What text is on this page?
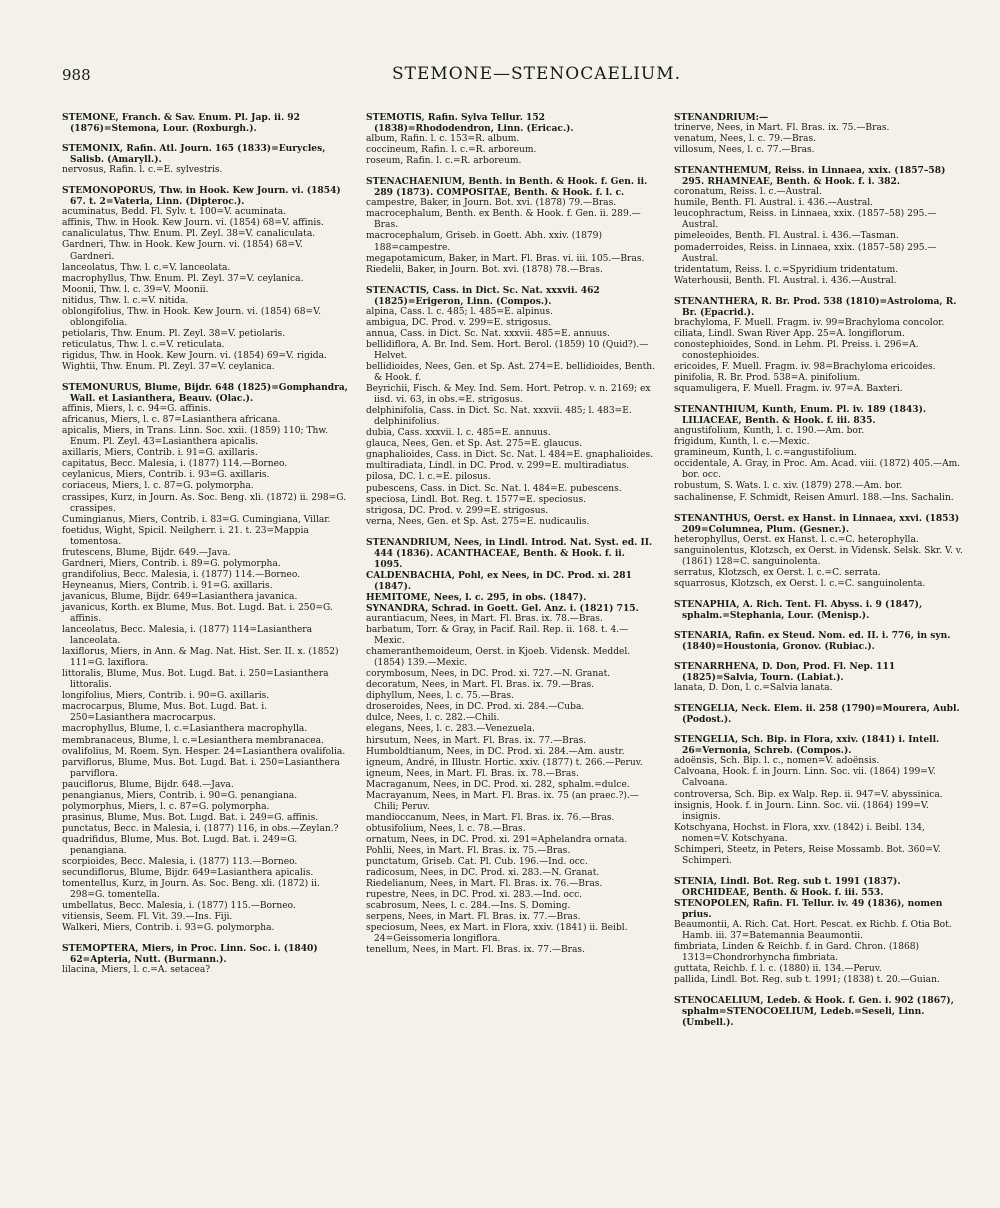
988	STEMONE—STENOCAELIUM.
STEMONE, Franch. & Sav. Enum. Pl. Jap. ii. 92 (1876)=Stemona, Lour. (Roxburgh.).
STEMONIX, Rafin. Atl. Journ. 165 (1833)=Eurycles, Salisb. (Amaryll.).
nervosus, Rafin. l. c.=E. sylvestris.
STEMONOPORUS, Thw. in Hook. Kew Journ. vi. (1854) 67. t. 2=Vateria, Linn. (Dipteroc.).
acuminatus, Bedd. Fl. Sylv. t. 100=V. acuminata.
affinis, Thw. in Hook. Kew Journ. vi. (1854) 68=V. affinis.
canaliculatus, Thw. Enum. Pl. Zeyl. 38=V. canaliculata.
Gardneri, Thw. in Hook. Kew Journ. vi. (1854) 68=V. Gardneri.
lanceolatus, Thw. l. c.=V. lanceolata.
macrophyllus, Thw. Enum. Pl. Zeyl. 37=V. ceylanica.
Moonii, Thw. l. c. 39=V. Moonii.
nitidus, Thw. l. c.=V. nitida.
oblongifolius, Thw. in Hook. Kew Journ. vi. (1854) 68=V. oblongifolia.
petiolaris, Thw. Enum. Pl. Zeyl. 38=V. petiolaris.
reticulatus, Thw. l. c.=V. reticulata.
rigidus, Thw. in Hook. Kew Journ. vi. (1854) 69=V. rigida.
Wightii, Thw. Enum. Pl. Zeyl. 37=V. ceylanica.
STEMONURUS, Blume, Bijdr. 648 (1825)=Gomphandra, Wall. et Lasianthera, Beauv. (Olac.).
affinis, Miers, l. c. 94=G. affinis.
africanus, Miers, l. c. 87=Lasianthera africana.
apicalis, Miers, in Trans. Linn. Soc. xxii. (1859) 110; Thw. Enum. Pl. Zeyl. 43=Lasianthera apicalis.
axillaris, Miers, Contrib. i. 91=G. axillaris.
capitatus, Becc. Malesia, i. (1877) 114.—Borneo.
ceylanicus, Miers, Contrib. i. 93=G. axillaris.
coriaceus, Miers, l. c. 87=G. polymorpha.
crassipes, Kurz, in Journ. As. Soc. Beng. xli. (1872) ii. 298=G. crassipes.
Cumingianus, Miers, Contrib. i. 83=G. Cumingiana, Villar.
foetidus, Wight, Spicil. Neilgherr. i. 21. t. 23=Mappia tomentosa.
frutescens, Blume, Bijdr. 649.—Java.
Gardneri, Miers, Contrib. i. 89=G. polymorpha.
grandifolius, Becc. Malesia, i. (1877) 114.—Borneo.
Heyneanus, Miers, Contrib. i. 91=G. axillaris.
javanicus, Blume, Bijdr. 649=Lasianthera javanica.
javanicus, Korth. ex Blume, Mus. Bot. Lugd. Bat. i. 250=G. affinis.
lanceolatus, Becc. Malesia, i. (1877) 114=Lasianthera lanceolata.
laxiflorus, Miers, in Ann. & Mag. Nat. Hist. Ser. II. x. (1852) 111=G. laxiflora.
littoralis, Blume, Mus. Bot. Lugd. Bat. i. 250=Lasianthera littoralis.
longifolius, Miers, Contrib. i. 90=G. axillaris.
macrocarpus, Blume, Mus. Bot. Lugd. Bat. i. 250=Lasianthera macrocarpus.
macrophyllus, Blume, l. c.=Lasianthera macrophylla.
membranaceus, Blume, l. c.=Lesianthera membranacea.
ovalifolius, M. Roem. Syn. Hesper. 24=Lasianthera ovalifolia.
parviflorus, Blume, Mus. Bot. Lugd. Bat. i. 250=Lasianthera parviflora.
pauciflorus, Blume, Bijdr. 648.—Java.
penangianus, Miers, Contrib. i. 90=G. penangiana.
polymorphus, Miers, l. c. 87=G. polymorpha.
prasinus, Blume, Mus. Bot. Lugd. Bat. i. 249=G. affinis.
punctatus, Becc. in Malesia, i. (1877) 116, in obs.—Zeylan.?
quadrifidus, Blume, Mus. Bot. Lugd. Bat. i. 249=G. penangiana.
scorpioides, Becc. Malesia, i. (1877) 113.—Borneo.
secundiflorus, Blume, Bijdr. 649=Lasianthera apicalis.
tomentellus, Kurz, in Journ. As. Soc. Beng. xli. (1872) ii. 298=G. tomentella.
umbellatus, Becc. Malesia, i. (1877) 115.—Borneo.
vitiensis, Seem. Fl. Vit. 39.—Ins. Fiji.
Walkeri, Miers, Contrib. i. 93=G. polymorpha.
STEMOPTERA, Miers, in Proc. Linn. Soc. i. (1840) 62=Apteria, Nutt. (Burmann.).
lilacina, Miers, l. c.=A. setacea?
STEMOTIS, Rafin. Sylva Tellur. 152 (1838)=Rhododendron, Linn. (Ericac.).
album, Rafin. l. c. 153=R. album.
coccineum, Rafin. l. c.=R. arboreum.
roseum, Rafin. l. c.=R. arboreum.
STENACHAENIUM, Benth. in Benth. & Hook. f. Gen. ii. 289 (1873). COMPOSITAE, Benth. & Hook. f. l. c.
campestre, Baker, in Journ. Bot. xvi. (1878) 79.—Bras.
macrocephalum, Benth. ex Benth. & Hook. f. Gen. ii. 289.—Bras.
macrocephalum, Griseb. in Goett. Abh. xxiv. (1879) 188=campestre.
megapotamicum, Baker, in Mart. Fl. Bras. vi. iii. 105.—Bras.
Riedelii, Baker, in Journ. Bot. xvi. (1878) 78.—Bras.
STENACTIS, Cass. in Dict. Sc. Nat. xxxvii. 462 (1825)=Erigeron, Linn. (Compos.).
alpina, Cass. l. c. 485; l. 485=E. alpinus.
ambigua, DC. Prod. v. 299=E. strigosus.
annua, Cass. in Dict. Sc. Nat. xxxvii. 485=E. annuus.
bellidiflora, A. Br. Ind. Sem. Hort. Berol. (1859) 10 (Quid?).—Helvet.
bellidioides, Nees, Gen. et Sp. Ast. 274=E. bellidioides, Benth. & Hook. f.
Beyrichii, Fisch. & Mey. Ind. Sem. Hort. Petrop. v. n. 2169; ex iisd. vi. 63, in obs.=E. strigosus.
delphinifolia, Cass. in Dict. Sc. Nat. xxxvii. 485; l. 483=E. delphinifolius.
dubia, Cass. xxxvii. l. c. 485=E. annuus.
glauca, Nees, Gen. et Sp. Ast. 275=E. glaucus.
gnaphalioides, Cass. in Dict. Sc. Nat. l. 484=E. gnaphalioides.
multiradiata, Lindl. in DC. Prod. v. 299=E. multiradiatus.
pilosa, DC. l. c.=E. pilosus.
pubescens, Cass. in Dict. Sc. Nat. l. 484=E. pubescens.
speciosa, Lindl. Bot. Reg. t. 1577=E. speciosus.
strigosa, DC. Prod. v. 299=E. strigosus.
verna, Nees, Gen. et Sp. Ast. 275=E. nudicaulis.
STENANDRIUM, Nees, in Lindl. Introd. Nat. Syst. ed. II. 444 (1836). ACANTHACEAE, Benth. & Hook. f. ii. 1095.
CALDENBACHIA, Pohl, ex Nees, in DC. Prod. xi. 281 (1847).
HEMITOME, Nees, l. c. 295, in obs. (1847).
SYNANDRA, Schrad. in Goett. Gel. Anz. i. (1821) 715.
aurantiacum, Nees, in Mart. Fl. Bras. ix. 78.—Bras.
barbatum, Torr. & Gray, in Pacif. Rail. Rep. ii. 168. t. 4.—Mexic.
chameranthemoideum, Oerst. in Kjoeb. Vidensk. Meddel. (1854) 139.—Mexic.
corymbosum, Nees, in DC. Prod. xi. 727.—N. Granat.
decoratum, Nees, in Mart. Fl. Bras. ix. 79.—Bras.
diphyllum, Nees, l. c. 75.—Bras.
droseroides, Nees, in DC. Prod. xi. 284.—Cuba.
dulce, Nees, l. c. 282.—Chili.
elegans, Nees, l. c. 283.—Venezuela.
hirsutum, Nees, in Mart. Fl. Bras. ix. 77.—Bras.
Humboldtianum, Nees, in DC. Prod. xi. 284.—Am. austr.
igneum, André, in Illustr. Hortic. xxiv. (1877) t. 266.—Peruv.
igneum, Nees, in Mart. Fl. Bras. ix. 78.—Bras.
Macraganum, Nees, in DC. Prod. xi. 282, sphalm.=dulce.
Macrayanum, Nees, in Mart. Fl. Bras. ix. 75 (an praec.?).—Chili; Peruv.
mandioccanum, Nees, in Mart. Fl. Bras. ix. 76.—Bras.
obtusifolium, Nees, l. c. 78.—Bras.
ornatum, Nees, in DC. Prod. xi. 291=Aphelandra ornata.
Pohlii, Nees, in Mart. Fl. Bras. ix. 75.—Bras.
punctatum, Griseb. Cat. Pl. Cub. 196.—Ind. occ.
radicosum, Nees, in DC. Prod. xi. 283.—N. Granat.
Riedelianum, Nees, in Mart. Fl. Bras. ix. 76.—Bras.
rupestre, Nees, in DC. Prod. xi. 283.—Ind. occ.
scabrosum, Nees, l. c. 284.—Ins. S. Doming.
serpens, Nees, in Mart. Fl. Bras. ix. 77.—Bras.
speciosum, Nees, ex Mart. in Flora, xxiv. (1841) ii. Beibl. 24=Geissomeria longiflora.
tenellum, Nees, in Mart. Fl. Bras. ix. 77.—Bras.
STENANDRIUM:—
trinerve, Nees, in Mart. Fl. Bras. ix. 75.—Bras.
venatum, Nees, l. c. 79.—Bras.
villosum, Nees, l. c. 77.—Bras.
STENANTHEMUM, Reiss. in Linnaea, xxix. (1857–58) 295. RHAMNEAE, Benth. & Hook. f. i. 382.
coronatum, Reiss. l. c.—Austral.
humile, Benth. Fl. Austral. i. 436.—Austral.
leucophractum, Reiss. in Linnaea, xxix. (1857–58) 295.—Austral.
pimeleoides, Benth. Fl. Austral. i. 436.—Tasman.
pomaderroides, Reiss. in Linnaea, xxix. (1857–58) 295.—Austral.
tridentatum, Reiss. l. c.=Spyridium tridentatum.
Waterhousii, Benth. Fl. Austral. i. 436.—Austral.
STENANTHERA, R. Br. Prod. 538 (1810)=Astroloma, R. Br. (Epacrid.).
brachyloma, F. Muell. Fragm. iv. 99=Brachyloma concolor.
ciliata, Lindl. Swan River App. 25=A. longiflorum.
conostephioides, Sond. in Lehm. Pl. Preiss. i. 296=A. conostephioides.
ericoides, F. Muell. Fragm. iv. 98=Brachyloma ericoides.
pinifolia, R. Br. Prod. 538=A. pinifolium.
squamuligera, F. Muell. Fragm. iv. 97=A. Baxteri.
STENANTHIUM, Kunth, Enum. Pl. iv. 189 (1843). LILIACEAE, Benth. & Hook. f. iii. 835.
angustifolium, Kunth, l. c. 190.—Am. bor.
frigidum, Kunth, l. c.—Mexic.
gramineum, Kunth, l. c.=angustifolium.
occidentale, A. Gray, in Proc. Am. Acad. viii. (1872) 405.—Am. bor. occ.
robustum, S. Wats. l. c. xiv. (1879) 278.—Am. bor.
sachalinense, F. Schmidt, Reisen Amurl. 188.—Ins. Sachalin.
STENANTHUS, Oerst. ex Hanst. in Linnaea, xxvi. (1853) 209=Columnea, Plum. (Gesner.).
heterophyllus, Oerst. ex Hanst. l. c.=C. heterophylla.
sanguinolentus, Klotzsch, ex Oerst. in Vidensk. Selsk. Skr. V. v. (1861) 128=C. sanguinolenta.
serratus, Klotzsch, ex Oerst. l. c.=C. serrata.
squarrosus, Klotzsch, ex Oerst. l. c.=C. sanguinolenta.
STENAPHIA, A. Rich. Tent. Fl. Abyss. i. 9 (1847), sphalm.=Stephania, Lour. (Menisp.).
STENARIA, Rafin. ex Steud. Nom. ed. II. i. 776, in syn. (1840)=Houstonia, Gronov. (Rubiac.).
STENARRHENA, D. Don, Prod. Fl. Nep. 111 (1825)=Salvia, Tourn. (Labiat.).
lanata, D. Don, l. c.=Salvia lanata.
STENGELIA, Neck. Elem. ii. 258 (1790)=Mourera, Aubl. (Podost.).
STENGELIA, Sch. Bip. in Flora, xxiv. (1841) i. Intell. 26=Vernonia, Schreb. (Compos.).
adoënsis, Sch. Bip. l. c., nomen=V. adoënsis.
Calvoana, Hook. f. in Journ. Linn. Soc. vii. (1864) 199=V. Calvoana.
controversa, Sch. Bip. ex Walp. Rep. ii. 947=V. abyssinica.
insignis, Hook. f. in Journ. Linn. Soc. vii. (1864) 199=V. insignis.
Kotschyana, Hochst. in Flora, xxv. (1842) i. Beibl. 134, nomen=V. Kotschyana.
Schimperi, Steetz, in Peters, Reise Mossamb. Bot. 360=V. Schimperi.
STENIA, Lindl. Bot. Reg. sub t. 1991 (1837). ORCHIDEAE, Benth. & Hook. f. iii. 553.
STENOPOLEN, Rafin. Fl. Tellur. iv. 49 (1836), nomen prius.
Beaumontii, A. Rich. Cat. Hort. Pescat. ex Richb. f. Otia Bot. Hamb. iii. 37=Batemannia Beaumontii.
fimbriata, Linden & Reichb. f. in Gard. Chron. (1868) 1313=Chondrorhyncha fimbriata.
guttata, Reichb. f. l. c. (1880) ii. 134.—Peruv.
pallida, Lindl. Bot. Reg. sub t. 1991; (1838) t. 20.—Guian.
STENOCAELIUM, Ledeb. & Hook. f. Gen. i. 902 (1867), sphalm=STENOCOELIUM, Ledeb.=Seseli, Linn. (Umbell.).
